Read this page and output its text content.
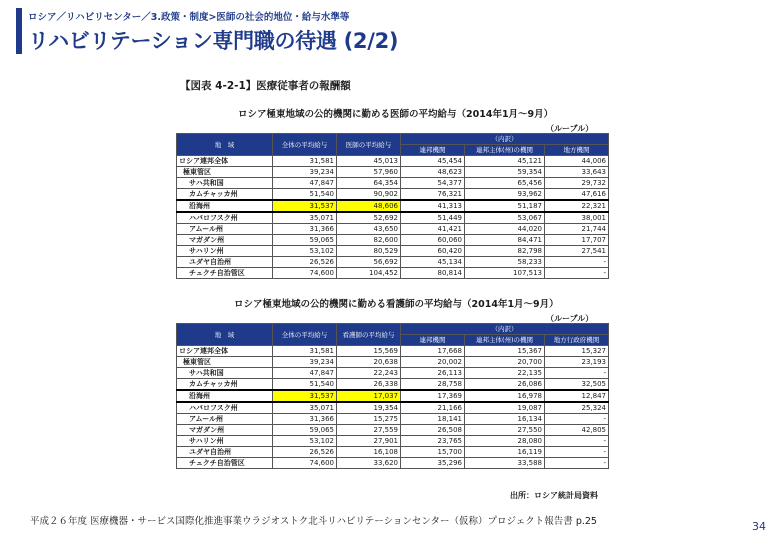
ロシア／リハビリセンター／3.政策・制度>医師の社会的地位・給与水準等
リハビリテーション専門職の待遇 (2/2)
【図表 4-2-1】医療従事者の報酬額
ロシア極東地域の公的機関に勤める医師の平均給与（2014年1月～9月）
（ルーブル）
地　域	全体の平均給与	医師の平均給与	（内訳）		
			連邦機関	連邦主体(州)の機関	地方機関
ロシア連邦全体	31,581	45,013	45,454	45,121	44,006
極東管区	39,234	57,960	48,623	59,354	33,643
サハ共和国	47,847	64,354	54,377	65,456	29,732
カムチャッカ州	51,540	90,902	76,321	93,962	47,616
沿海州	31,537	48,606	41,313	51,187	22,321
ハバロフスク州	35,071	52,692	51,449	53,067	38,001
アムール州	31,366	43,650	41,421	44,020	21,744
マガダン州	59,065	82,600	60,060	84,471	17,707
サハリン州	53,102	80,529	60,420	82,798	27,541
ユダヤ自治州	26,526	56,692	45,134	58,233	-
チュクチ自治管区	74,600	104,452	80,814	107,513	-
ロシア極東地域の公的機関に勤める看護師の平均給与（2014年1月～9月）
（ルーブル）
地　域	全体の平均給与	看護師の平均給与	（内訳）		
			連邦機関	連邦主体(州)の機関	地方行政府機関
ロシア連邦全体	31,581	15,569	17,668	15,367	15,327
極東管区	39,234	20,638	20,002	20,700	23,193
サハ共和国	47,847	22,243	26,113	22,135	-
カムチャッカ州	51,540	26,338	28,758	26,086	32,505
沿海州	31,537	17,037	17,369	16,978	12,847
ハバロフスク州	35,071	19,354	21,166	19,087	25,324
アムール州	31,366	15,275	18,141	16,134	-
マガダン州	59,065	27,559	26,508	27,550	42,805
サハリン州	53,102	27,901	23,765	28,080	-
ユダヤ自治州	26,526	16,108	15,700	16,119	-
チュクチ自治管区	74,600	33,620	35,296	33,588	-
出所：ロシア統計局資料
平成２６年度 医療機器・サービス国際化推進事業ウラジオストク北斗リハビリテーションセンター（仮称）プロジェクト報告書 p.25	34
